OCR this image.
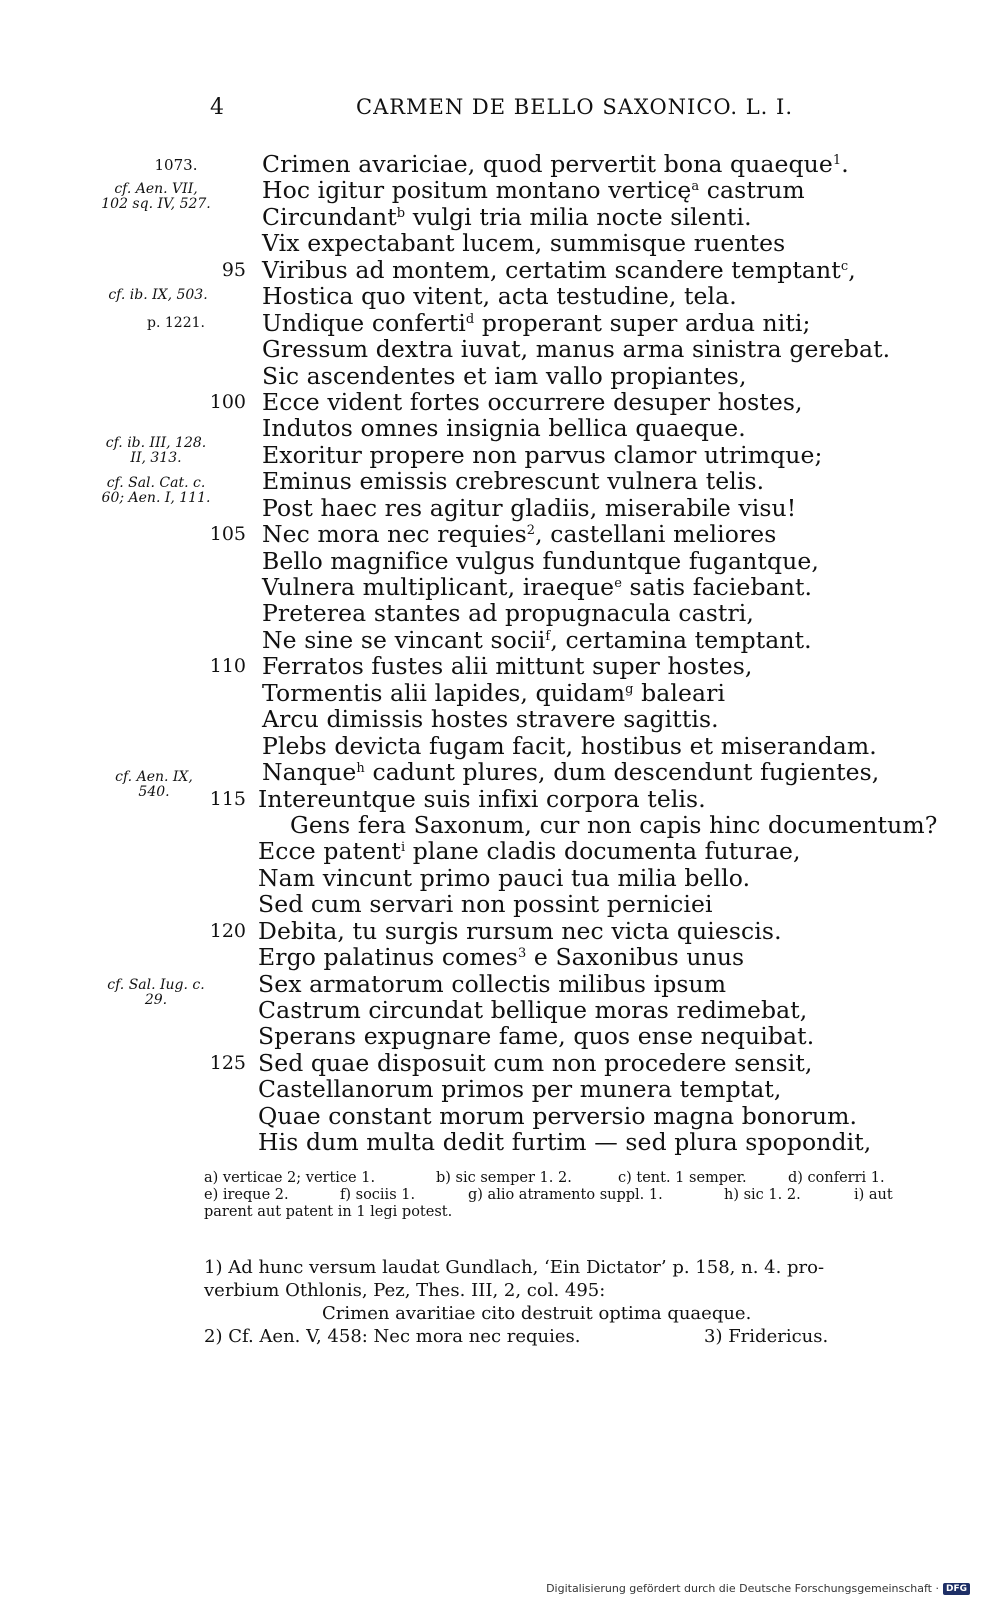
4	CARMEN DE BELLO SAXONICO. L. I.
1073.
cf. Aen. VII, 102 sq. IV, 527.
cf. ib. IX, 503.
p. 1221.
cf. ib. III, 128. II, 313.
cf. Sal. Cat. c. 60; Aen. I, 111.
cf. Aen. IX, 540.
cf. Sal. Iug. c. 29.
Crimen avariciae, quod pervertit bona quaeque$^1$.
Hoc igitur positum montano verticę$^a$ castrum
Circundant$^b$ vulgi tria milia nocte silenti.
Vix expectabant lucem, summisque ruentes
95 Viribus ad montem, certatim scandere temptant$^c$,
Hostica quo vitent, acta testudine, tela.
Undique conferti$^d$ properant super ardua niti;
Gressum dextra iuvat, manus arma sinistra gerebat.
Sic ascendentes et iam vallo propiantes,
100 Ecce vident fortes occurrere desuper hostes,
Indutos omnes insignia bellica quaeque.
Exoritur propere non parvus clamor utrimque;
Eminus emissis crebrescunt vulnera telis.
Post haec res agitur gladiis, miserabile visu!
105 Nec mora nec requies$^2$, castellani meliores
Bello magnifice vulgus funduntque fugantque,
Vulnera multiplicant, iraeque$^e$ satis faciebant.
Preterea stantes ad propugnacula castri,
Ne sine se vincant socii$^f$, certamina temptant.
110 Ferratos fustes alii mittunt super hostes,
Tormentis alii lapides, quidam$^g$ baleari
Arcu dimissis hostes stravere sagittis.
Plebs devicta fugam facit, hostibus et miserandam.
Nanque$^h$ cadunt plures, dum descendunt fugientes,
115 Intereuntque suis infixi corpora telis.
Gens fera Saxonum, cur non capis hinc documentum?
Ecce patent$^i$ plane cladis documenta futurae,
Nam vincunt primo pauci tua milia bello.
Sed cum servari non possint perniciei
120 Debita, tu surgis rursum nec victa quiescis.
Ergo palatinus comes$^3$ e Saxonibus unus
Sex armatorum collectis milibus ipsum
Castrum circundat bellique moras redimebat,
Sperans expugnare fame, quos ense nequibat.
125 Sed quae disposuit cum non procedere sensit,
Castellanorum primos per munera temptat,
Quae constant morum perversio magna bonorum.
His dum multa dedit furtim — sed plura spopondit,
a) verticae 2; vertice 1.	b) sic semper 1. 2.	c) tent. 1 semper.	d) conferri 1.
e) ireque 2.	f) sociis 1.	g) alio atramento suppl. 1.	h) sic 1. 2.	i) aut
parent aut patent in 1 legi potest.
1) Ad hunc versum laudat Gundlach, ‘Ein Dictator’ p. 158, n. 4. pro-
verbium Othlonis, Pez, Thes. III, 2, col. 495:
Crimen avaritiae cito destruit optima quaeque.
2) Cf. Aen. V, 458: Nec mora nec requies.	3) Fridericus.
Digitalisierung gefördert durch die Deutsche Forschungsgemeinschaft · DFG
